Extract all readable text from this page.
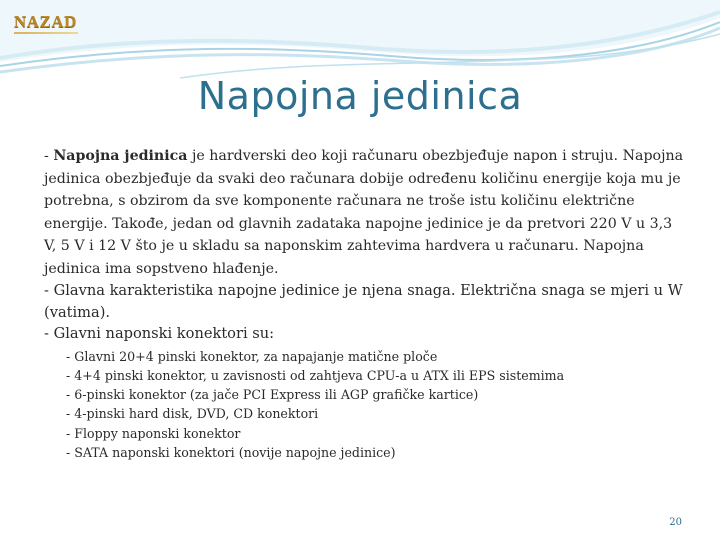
NAZAD
Napojna jedinica
- Napojna jedinica je hardverski deo koji računaru obezbjeđuje napon i struju. Napojna jedinica obezbjeđuje da svaki deo računara dobije određenu količinu energije koja mu je potrebna, s obzirom da sve komponente računara ne troše istu količinu električne energije. Takođe, jedan od glavnih zadataka napojne jedinice je da pretvori 220 V u 3,3 V, 5 V i 12 V što je u skladu sa naponskim zahtevima hardvera u računaru. Napojna jedinica ima sopstveno hlađenje.
- Glavna karakteristika napojne jedinice je njena snaga. Električna snaga se mjeri u W (vatima).
- Glavni naponski konektori su:
- Glavni 20+4 pinski konektor, za napajanje matične ploče
- 4+4 pinski konektor, u zavisnosti od zahtjeva CPU-a u ATX ili EPS sistemima
- 6-pinski konektor (za jače PCI Express ili AGP grafičke kartice)
- 4-pinski hard disk, DVD, CD konektori
- Floppy naponski konektor
- SATA naponski konektori (novije napojne jedinice)
20
